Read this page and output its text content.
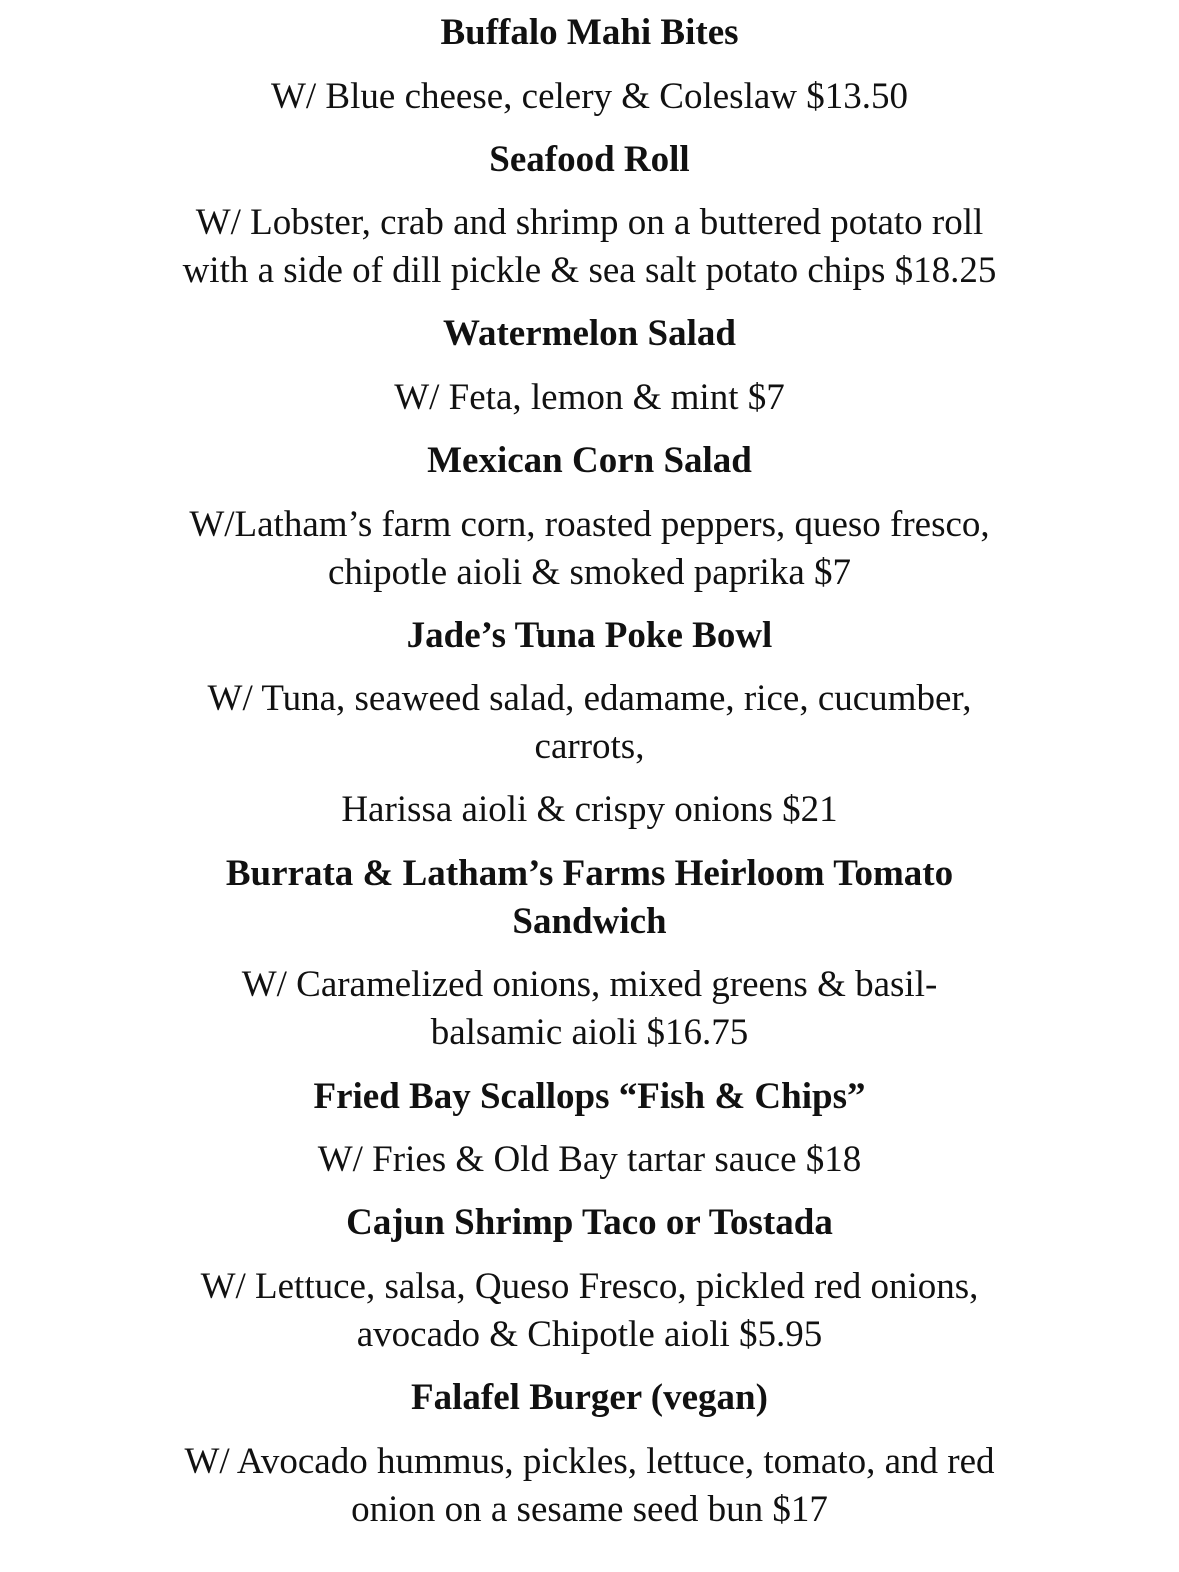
Buffalo Mahi Bites
W/ Blue cheese, celery & Coleslaw $13.50
Seafood Roll
W/ Lobster, crab and shrimp on a buttered potato roll
with a side of dill pickle & sea salt potato chips $18.25
Watermelon Salad
W/ Feta, lemon & mint $7
Mexican Corn Salad
W/Latham’s farm corn, roasted peppers, queso fresco,
chipotle aioli & smoked paprika $7
Jade’s Tuna Poke Bowl
W/ Tuna, seaweed salad, edamame, rice, cucumber,
carrots,
Harissa aioli & crispy onions $21
Burrata & Latham’s Farms Heirloom Tomato
Sandwich
W/ Caramelized onions, mixed greens & basil-
balsamic aioli $16.75
Fried Bay Scallops “Fish & Chips”
W/ Fries & Old Bay tartar sauce $18
Cajun Shrimp Taco or Tostada
W/ Lettuce, salsa, Queso Fresco, pickled red onions,
avocado & Chipotle aioli $5.95
Falafel Burger (vegan)
W/ Avocado hummus, pickles, lettuce, tomato, and red
onion on a sesame seed bun $17
